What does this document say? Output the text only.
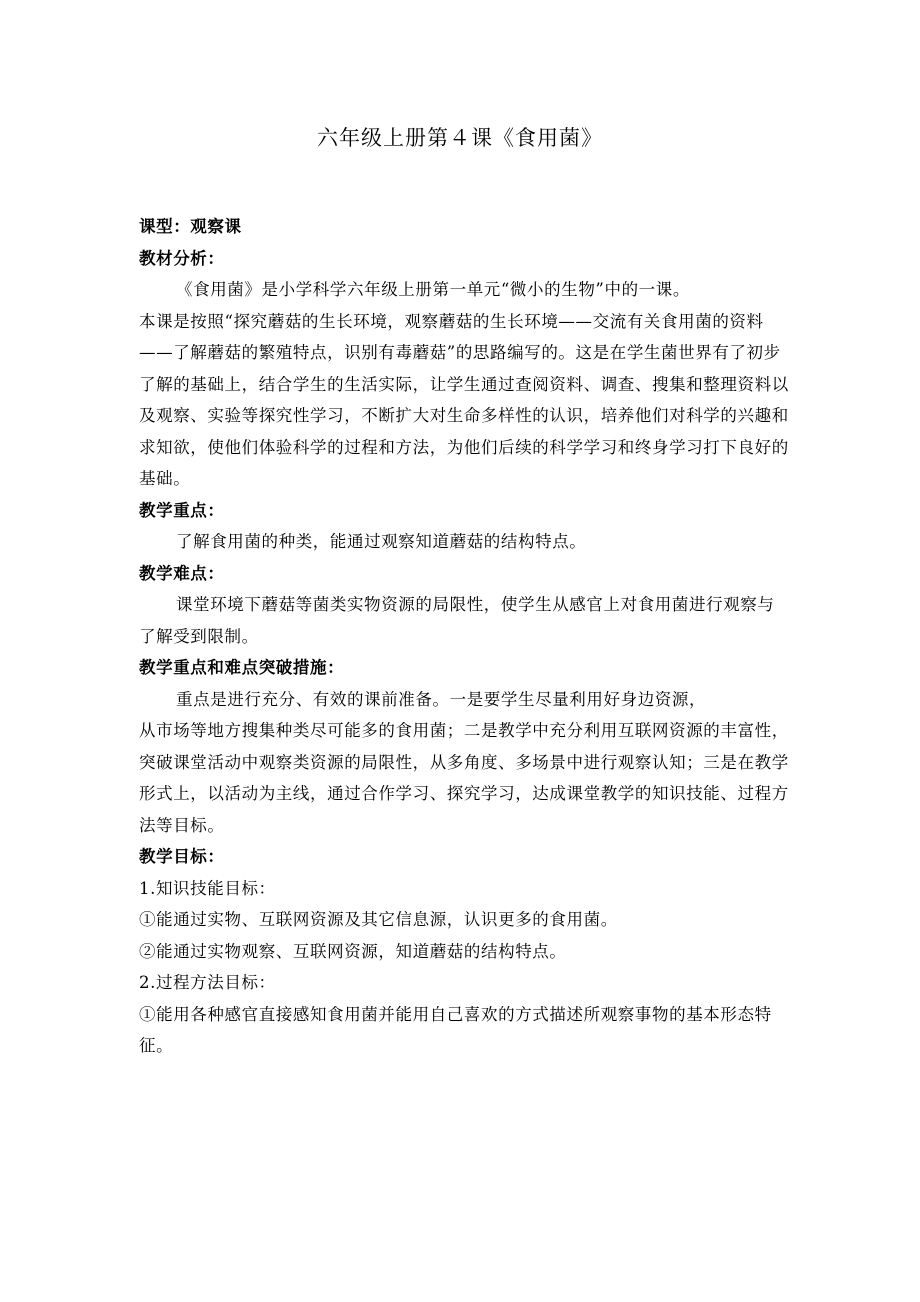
六年级上册第４课《食用菌》

课型：观察课

教材分析：

《食用菌》是小学科学六年级上册第一单元“微小的生物”中的一课。

本课是按照“探究蘑菇的生长环境，观察蘑菇的生长环境——交流有关食用菌的资料——了解蘑菇的繁殖特点，识别有毒蘑菇”的思路编写的。这是在学生菌世界有了初步了解的基础上，结合学生的生活实际，让学生通过查阅资料、调查、搜集和整理资料以及观察、实验等探究性学习，不断扩大对生命多样性的认识，培养他们对科学的兴趣和求知欲，使他们体验科学的过程和方法，为他们后续的科学学习和终身学习打下良好的基础。

教学重点：

了解食用菌的种类，能通过观察知道蘑菇的结构特点。

教学难点：

课堂环境下蘑菇等菌类实物资源的局限性，使学生从感官上对食用菌进行观察与了解受到限制。

教学重点和难点突破措施：

重点是进行充分、有效的课前准备。一是要学生尽量利用好身边资源，

从市场等地方搜集种类尽可能多的食用菌；二是教学中充分利用互联网资源的丰富性，突破课堂活动中观察类资源的局限性，从多角度、多场景中进行观察认知；三是在教学形式上，以活动为主线，通过合作学习、探究学习，达成课堂教学的知识技能、过程方法等目标。

教学目标：

1.知识技能目标：

①能通过实物、互联网资源及其它信息源，认识更多的食用菌。

②能通过实物观察、互联网资源，知道蘑菇的结构特点。

2.过程方法目标：

①能用各种感官直接感知食用菌并能用自己喜欢的方式描述所观察事物的基本形态特征。
